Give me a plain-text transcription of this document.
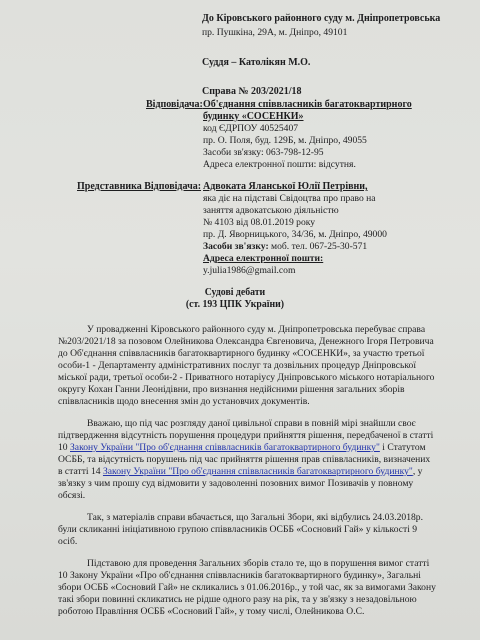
До Кіровського районного суду м. Дніпропетровська
пр. Пушкіна, 29А, м. Дніпро, 49101
Суддя – Католікян М.О.
Справа № 203/2021/18
Відповідача: Об'єднання співвласників багатоквартирного
будинку «СОСЕНКИ»
код ЄДРПОУ 40525407
пр. О. Поля, буд. 129Б, м. Дніпро, 49055
Засоби зв'язку: 063-798-12-95
Адреса електронної пошти: відсутня.
Представника Відповідача: Адвоката Яланської Юлії Петрівни,
яка діє на підставі Свідоцтва про право на
заняття адвокатською діяльністю
№ 4103 від 08.01.2019 року
пр. Д. Яворницького, 34/36, м. Дніпро, 49000
Засоби зв'язку: моб. тел. 067-25-30-571
Адреса електронної пошти:
y.julia1986@gmail.com
Судові дебати
(ст. 193 ЦПК України)
У провадженні Кіровського районного суду м. Дніпропетровська перебуває справа
№203/2021/18 за позовом Олейникова Олександра Євгеновича, Денежного Ігоря Петровича
до Об'єднання співвласників багатоквартирного будинку «СОСЕНКИ», за участю третьої
особи-1 - Департаменту адміністративних послуг та дозвільних процедур Дніпровської
міської ради, третьої особи-2 - Приватного нотаріусу Дніпровського міського нотаріального
округу Кохан Ганни Леонідівни, про визнання недійсними рішення загальних зборів
співвласників щодо внесення змін до установчих документів.
Вважаю, що під час розгляду даної цивільної справи в повній мірі знайшли своє
підтвердження відсутність порушення процедури прийняття рішення, передбаченої в статті
10 Закону України "Про об'єднання співвласників багатоквартирного будинку" і Статутом
ОСББ, та відсутність порушень під час прийняття рішення прав співвласників, визначених
в статті 14 Закону України "Про об'єднання співвласників багатоквартирного будинку", у
зв'язку з чим прошу суд відмовити у задоволенні позовних вимог Позивачів у повному
обсязі.
Так, з матеріалів справи вбачається, що Загальні Збори, які відбулись 24.03.2018р.
були скликанні ініціативною групою співвласників ОСББ «Сосновий Гай» у кількості 9
осіб.
Підставою для проведення Загальних зборів стало те, що в порушення вимог статті
10 Закону України «Про об'єднання співвласників багатоквартирного будинку», Загальні
збори ОСББ «Сосновий Гай» не скликались з 01.06.2016р., у той час, як за вимогами Закону
такі збори повинні скликатись не рідше одного разу на рік, та у зв'язку з незадовільною
роботою Правління ОСББ «Сосновий Гай», у тому числі, Олейникова О.С.
